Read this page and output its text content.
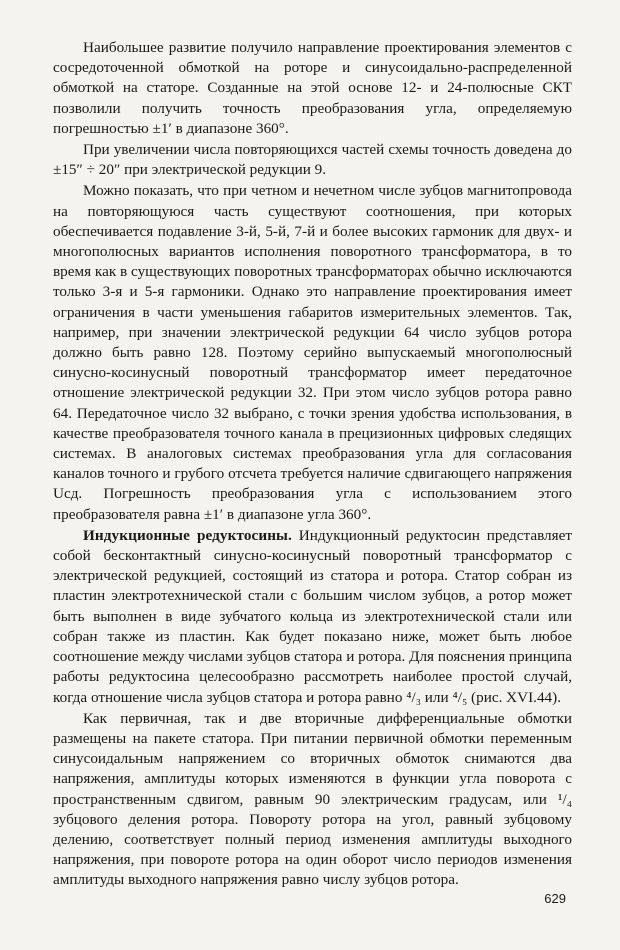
Наибольшее развитие получило направление проектирования элементов с сосредоточенной обмоткой на роторе и синусоидально-распределенной обмоткой на статоре. Созданные на этой основе 12- и 24-полюсные СКТ позволили получить точность преобразования угла, определяемую погрешностью ±1′ в диапазоне 360°.

При увеличении числа повторяющихся частей схемы точность доведена до ±15″ ÷ 20″ при электрической редукции 9.

Можно показать, что при четном и нечетном числе зубцов магнитопровода на повторяющуюся часть существуют соотношения, при которых обеспечивается подавление 3-й, 5-й, 7-й и более высоких гармоник для двух- и многополюсных вариантов исполнения поворотного трансформатора, в то время как в существующих поворотных трансформаторах обычно исключаются только 3-я и 5-я гармоники. Однако это направление проектирования имеет ограничения в части уменьшения габаритов измерительных элементов. Так, например, при значении электрической редукции 64 число зубцов ротора должно быть равно 128. Поэтому серийно выпускаемый многополюсный синусно-косинусный поворотный трансформатор имеет передаточное отношение электрической редукции 32. При этом число зубцов ротора равно 64. Передаточное число 32 выбрано, с точки зрения удобства использования, в качестве преобразователя точного канала в прецизионных цифровых следящих системах. В аналоговых системах преобразования угла для согласования каналов точного и грубого отсчета требуется наличие сдвигающего напряжения Uсд. Погрешность преобразования угла с использованием этого преобразователя равна ±1′ в диапазоне угла 360°.

Индукционные редуктосины. Индукционный редуктосин представляет собой бесконтактный синусно-косинусный поворотный трансформатор с электрической редукцией, состоящий из статора и ротора. Статор собран из пластин электротехнической стали с большим числом зубцов, а ротор может быть выполнен в виде зубчатого кольца из электротехнической стали или собран также из пластин. Как будет показано ниже, может быть любое соотношение между числами зубцов статора и ротора. Для пояснения принципа работы редуктосина целесообразно рассмотреть наиболее простой случай, когда отношение числа зубцов статора и ротора равно ⁴/₃ или ⁴/₅ (рис. XVI.44).

Как первичная, так и две вторичные дифференциальные обмотки размещены на пакете статора. При питании первичной обмотки переменным синусоидальным напряжением со вторичных обмоток снимаются два напряжения, амплитуды которых изменяются в функции угла поворота с пространственным сдвигом, равным 90 электрическим градусам, или ¹/₄ зубцового деления ротора. Повороту ротора на угол, равный зубцовому делению, соответствует полный период изменения амплитуды выходного напряжения, при повороте ротора на один оборот число периодов изменения амплитуды выходного напряжения равно числу зубцов ротора.

629
